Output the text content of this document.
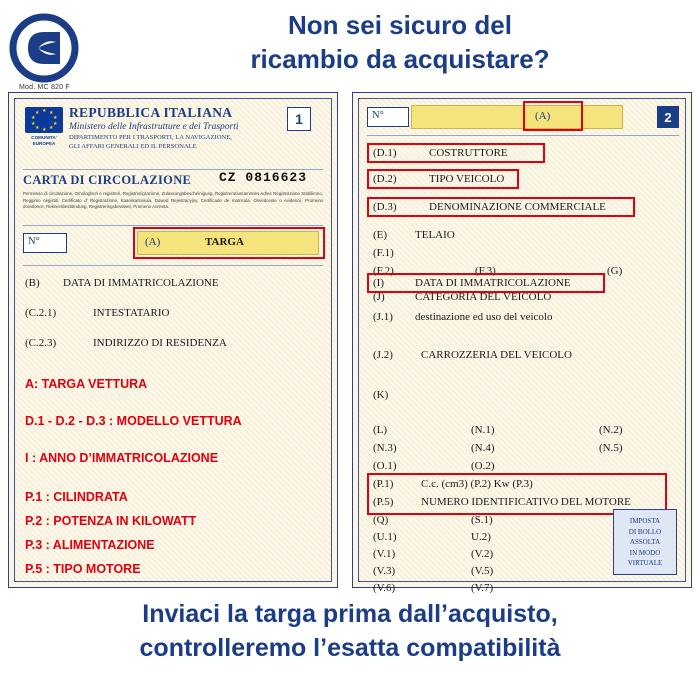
Non sei sicuro del
ricambio da acquistare?
★ ★
★
★
★
★
★
★
★
★
COMUNITA’
EUROPEA
REPUBBLICA ITALIANA
Ministero delle Infrastrutture e dei Trasporti
DIPARTIMENTO PER I TRASPORTI, LA NAVIGAZIONE,
GLI AFFARI GENERALI ED IL PERSONALE
1
CARTA DI CIRCOLAZIONE CZ 0816623
Permesso di circolazione, Omologhezi e registreri, Registrimigrazione, Zulassungsbescheinigung, Registrerutiuntammtes Adres Registrazione Stabilimno, Reggimo negistiti, Certificato d’ Registrazione, Kaarekarloviula, Dowod Rejestracyjny, Certificado de matricula, Osvedcenie o evidencii, Promeno dovvilonce, Reknersbestitmdung, Registreringsbevisser, Promeno Acrevita.
N°	(A)	TARGA
(B) DATA DI IMMATRICOLAZIONE
(C.2.1)	INTESTATARIO
(C.2.3)	INDIRIZZO DI RESIDENZA
A: TARGA VETTURA
D.1 - D.2 - D.3 : MODELLO VETTURA
I : ANNO D’IMMATRICOLAZIONE
P.1 : CILINDRATA
P.2 : POTENZA IN KILOWATT
P.3 : ALIMENTAZIONE
P.5 : TIPO MOTORE
Mod. MC 820 F
N°	(A)	2
(D.1)	COSTRUTTORE
(D.2)	TIPO VEICOLO
(D.3)	DENOMINAZIONE COMMERCIALE
(E)	TELAIO
(F.1)
(F.2)	(F.3)	(G)
(I)	DATA DI IMMATRICOLAZIONE
(J)	CATEGORIA DEL VEICOLO
(J.1) destinazione ed uso del veicolo
(J.2)	CARROZZERIA DEL VEICOLO
(K)
(L)	(N.1)	(N.2)
(N.3)	(N.4)	(N.5)
(O.1)	(O.2)
(P.1)	C.c. (cm3) (P.2) Kw (P.3)
(P.5)	NUMERO IDENTIFICATIVO DEL MOTORE
(Q)	(S.1)
(U.1)	U.2)
(V.1)	(V.2)
(V.3)	(V.5)
(V.6)	(V.7)
IMPOSTA
DI BOLLO
ASSOLTA
IN MODO
VIRTUALE
Inviaci la targa prima dall’acquisto,
controlleremo l’esatta compatibilità
